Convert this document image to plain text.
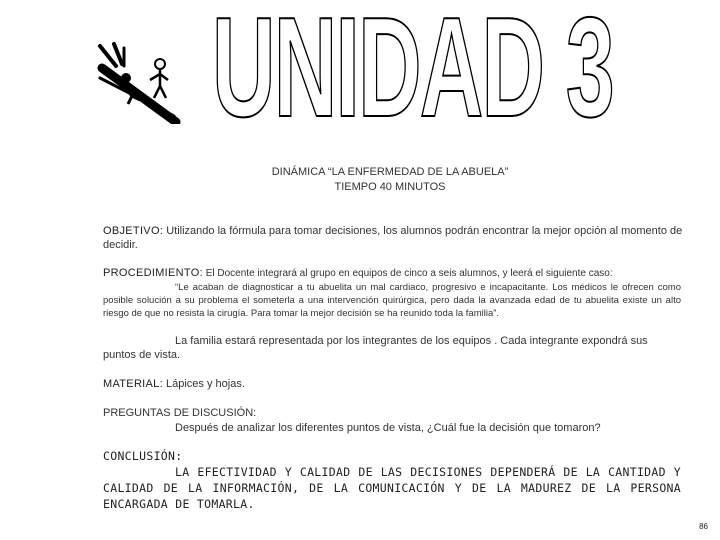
UNIDAD 3
DINÁMICA “LA ENFERMEDAD DE LA ABUELA”
TIEMPO 40 MINUTOS
OBJETIVO: Utilizando la fórmula para tomar decisiones, los alumnos podrán encontrar la mejor opción al momento de decidir.
PROCEDIMIENTO: El Docente integrará al grupo en equipos de cinco a seis alumnos, y leerá el siguiente caso:
“Le acaban de diagnosticar a tu abuelita un mal cardiaco, progresivo e incapacitante. Los médicos le ofrecen como posible solución a su problema el someterla a una intervención quirúrgica, pero dada la avanzada edad de tu abuelita existe un alto riesgo de que no resista la cirugía. Para tomar la mejor decisión se ha reunido toda la familia”.
La familia estará representada por los integrantes de los equipos . Cada integrante expondrá sus puntos de vista.
MATERIAL: Lápices y hojas.
PREGUNTAS DE DISCUSIÓN:
Después de analizar los diferentes puntos de vista, ¿Cuál fue la decisión que tomaron?
CONCLUSIÓN:
LA EFECTIVIDAD Y CALIDAD DE LAS DECISIONES DEPENDERÁ DE LA CANTIDAD Y CALIDAD DE LA INFORMACIÓN, DE LA COMUNICACIÓN Y DE LA MADUREZ DE LA PERSONA ENCARGADA DE TOMARLA.
86
